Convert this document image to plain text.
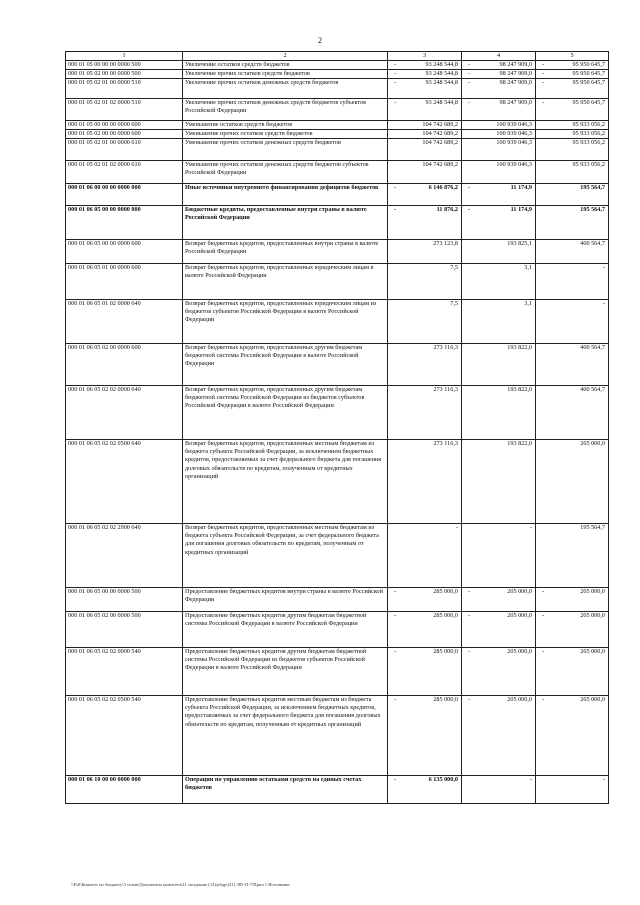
2
1	2	3	4	5
000 01 05 00 00 00 0000 500	Увеличение остатков средств бюджетов	- 93 248 544,8	- 98 247 909,0	- 95 950 645,7
000 01 05 02 00 00 0000 500	Увеличение прочих остатков средств бюджетов	- 93 248 544,8	- 98 247 909,0	- 95 950 645,7
000 01 05 02 01 00 0000 510	Увеличение прочих остатков денежных средств бюджетов	- 93 248 544,8	- 98 247 909,0	- 95 950 645,7
000 01 05 02 01 02 0000 510	Увеличение прочих остатков денежных средств бюджетов субъектов Российской Федерации	- 93 248 544,8	- 98 247 909,0	- 95 950 645,7
000 01 05 00 00 00 0000 600	Уменьшение остатков средств бюджетов	104 742 689,2	100 939 046,3	95 933 056,2
000 01 05 02 00 00 0000 600	Уменьшение прочих остатков средств бюджетов	104 742 689,2	100 939 046,3	95 933 056,2
000 01 05 02 01 00 0000 610	Уменьшение прочих остатков денежных средств бюджетов	104 742 689,2	100 939 046,3	95 933 056,2
000 01 05 02 01 02 0000 610	Уменьшение прочих остатков денежных средств бюджетов субъектов Российской Федерации	104 742 689,2	100 939 046,3	95 933 056,2
000 01 06 00 00 00 0000 000	Иные источники внутреннего финансирования дефицитов бюджетов	- 6 146 876,2	- 11 174,9	195 564,7
000 01 06 05 00 00 0000 000	Бюджетные кредиты, предоставленные внутри страны в валюте Российской Федерации	- 11 876,2	- 11 174,9	195 564,7
000 01 06 05 00 00 0000 600	Возврат бюджетных кредитов, предоставленных внутри страны в валюте Российской Федерации	273 123,8	193 825,1	400 564,7
000 01 06 05 01 00 0000 600	Возврат бюджетных кредитов, предоставленных юридическим лицам в валюте Российской Федерации	7,5	3,1	-
000 01 06 05 01 02 0000 640	Возврат бюджетных кредитов, предоставленных юридическим лицам из бюджетов субъектов Российской Федерации в валюте Российской Федерации	7,5	3,1	-
000 01 06 05 02 00 0000 600	Возврат бюджетных кредитов, предоставленных другим бюджетам бюджетной системы Российской Федерации в валюте Российской Федерации	273 116,3	193 822,0	400 564,7
000 01 06 05 02 02 0000 640	Возврат бюджетных кредитов, предоставленных другим бюджетам бюджетной системы Российской Федерации из бюджетов субъектов Российской Федерации в валюте Российской Федерации	273 116,3	193 822,0	400 564,7
000 01 06 05 02 02 0500 640	Возврат бюджетных кредитов, предоставленных местным бюджетам из бюджета субъекта Российской Федерации, за исключением бюджетных кредитов, предоставляемых за счет федерального бюджета для погашения долговых обязательств по кредитам, полученным от кредитных организаций	273 116,3	193 822,0	205 000,0
000 01 06 05 02 02 2900 640	Возврат бюджетных кредитов, предоставленных местным бюджетам из бюджета субъекта Российской Федерации, за счет федерального бюджета для погашения долговых обязательств по кредитам, полученным от кредитных организаций	-	-	195 564,7
000 01 06 05 00 00 0000 500	Предоставление бюджетных кредитов внутри страны в валюте Российской Федерации	- 285 000,0	- 205 000,0	- 205 000,0
000 01 06 05 02 00 0000 500	Предоставление бюджетных кредитов другим бюджетам бюджетной системы Российской Федерации в валюте Российской Федерации	- 285 000,0	- 205 000,0	- 205 000,0
000 01 06 05 02 02 0000 540	Предоставление бюджетных кредитов другим бюджетам бюджетной системы Российской Федерации из бюджетов субъектов Российской Федерации в валюте Российской Федерации	- 285 000,0	- 205 000,0	- 205 000,0
000 01 06 05 02 02 0500 540	Предоставление бюджетных кредитов местным бюджетам из бюджета субъекта Российской Федерации, за исключением бюджетных кредитов, предоставляемых за счет федерального бюджета для погашения долговых обязательств по кредитам, полученным от кредитных организаций	- 285 000,0	- 205 000,0	- 205 000,0
000 01 06 10 00 00 0000 000	Операции по управлению остатками средств на единых счетах бюджетов	- 6 135 000,0	-	-
\\Fs0\Комитет по бюджету\3 созыв\Документы комитета\21 заседание (12)\рбдр\(21) 385-П-7\Прил 1 Источники
